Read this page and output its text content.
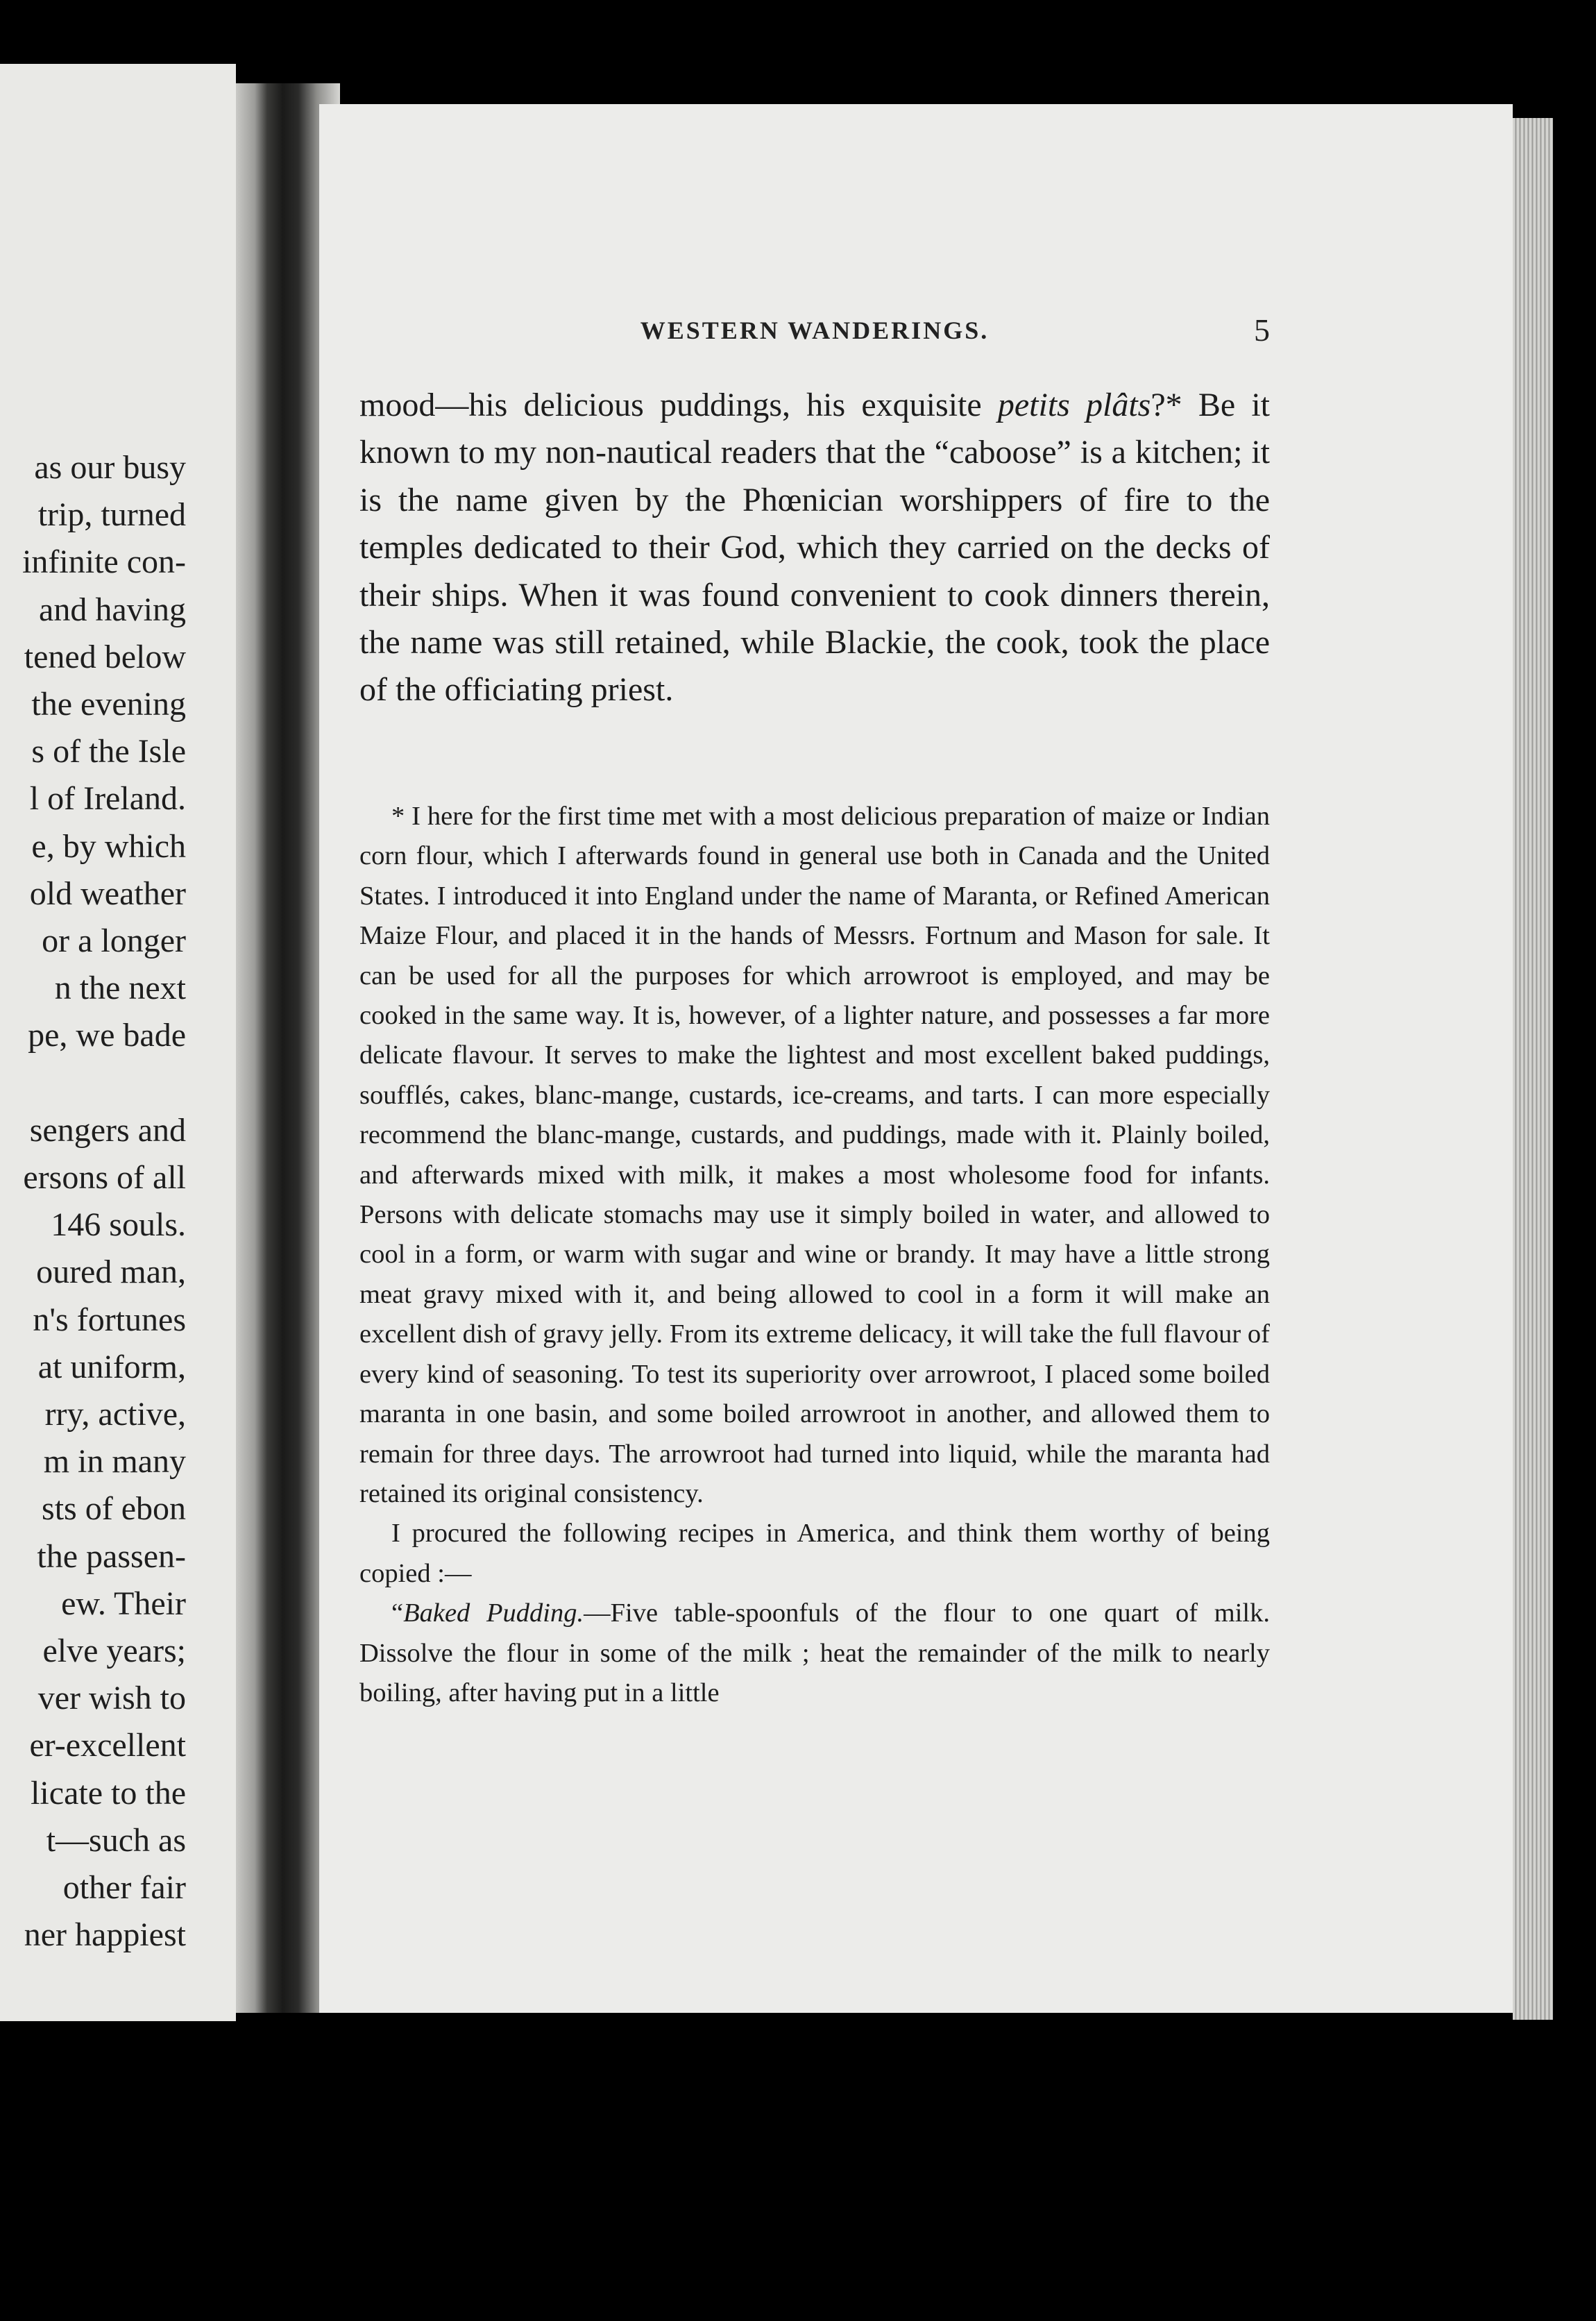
as our busy
trip, turned
infinite con-
and having
tened below
the evening
s of the Isle
l of Ireland.
e, by which
old weather
or a longer
n the next
pe, we bade

sengers and
ersons of all
146 souls.
oured man,
n's fortunes
at uniform,
rry, active,
m in many
sts of ebon
the passen-
ew. Their
elve years;
ver wish to
er-excellent
licate to the
t—such as
other fair
ner happiest
WESTERN WANDERINGS.	5

mood—his delicious puddings, his exquisite petits plâts?* Be it known to my non-nautical readers that the “caboose” is a kitchen; it is the name given by the Phœnician worshippers of fire to the temples dedicated to their God, which they carried on the decks of their ships. When it was found convenient to cook dinners therein, the name was still retained, while Blackie, the cook, took the place of the officiating priest.

* I here for the first time met with a most delicious preparation of maize or Indian corn flour, which I afterwards found in general use both in Canada and the United States. I introduced it into England under the name of Maranta, or Refined American Maize Flour, and placed it in the hands of Messrs. Fortnum and Mason for sale. It can be used for all the purposes for which arrowroot is employed, and may be cooked in the same way. It is, however, of a lighter nature, and possesses a far more delicate flavour. It serves to make the lightest and most excellent baked puddings, soufflés, cakes, blanc-mange, custards, ice-creams, and tarts. I can more especially recommend the blanc-mange, custards, and puddings, made with it. Plainly boiled, and afterwards mixed with milk, it makes a most wholesome food for infants. Persons with delicate stomachs may use it simply boiled in water, and allowed to cool in a form, or warm with sugar and wine or brandy. It may have a little strong meat gravy mixed with it, and being allowed to cool in a form it will make an excellent dish of gravy jelly. From its extreme delicacy, it will take the full flavour of every kind of seasoning. To test its superiority over arrowroot, I placed some boiled maranta in one basin, and some boiled arrowroot in another, and allowed them to remain for three days. The arrowroot had turned into liquid, while the maranta had retained its original consistency.

I procured the following recipes in America, and think them worthy of being copied :—

“Baked Pudding.—Five table-spoonfuls of the flour to one quart of milk. Dissolve the flour in some of the milk ; heat the remainder of the milk to nearly boiling, after having put in a little
